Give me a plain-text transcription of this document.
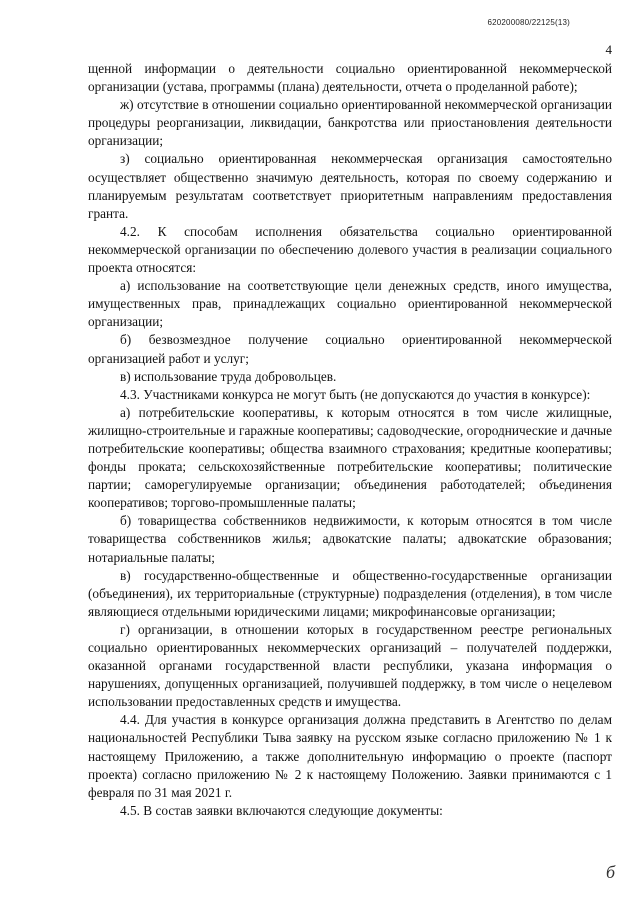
620200080/22125(13)
4

щенной информации о деятельности социально ориентированной некоммерческой организации (устава, программы (плана) деятельности, отчета о проделанной работе);

ж) отсутствие в отношении социально ориентированной некоммерческой организации процедуры реорганизации, ликвидации, банкротства или приостановления деятельности организации;

з) социально ориентированная некоммерческая организация самостоятельно осуществляет общественно значимую деятельность, которая по своему содержанию и планируемым результатам соответствует приоритетным направлениям предоставления гранта.

4.2. К способам исполнения обязательства социально ориентированной некоммерческой организации по обеспечению долевого участия в реализации социального проекта относятся:

а) использование на соответствующие цели денежных средств, иного имущества, имущественных прав, принадлежащих социально ориентированной некоммерческой организации;

б) безвозмездное получение социально ориентированной некоммерческой организацией работ и услуг;

в) использование труда добровольцев.

4.3. Участниками конкурса не могут быть (не допускаются до участия в конкурсе):

а) потребительские кооперативы, к которым относятся в том числе жилищные, жилищно-строительные и гаражные кооперативы; садоводческие, огороднические и дачные потребительские кооперативы; общества взаимного страхования; кредитные кооперативы; фонды проката; сельскохозяйственные потребительские кооперативы; политические партии; саморегулируемые организации; объединения работодателей; объединения кооперативов; торгово-промышленные палаты;

б) товарищества собственников недвижимости, к которым относятся в том числе товарищества собственников жилья; адвокатские палаты; адвокатские образования; нотариальные палаты;

в) государственно-общественные и общественно-государственные организации (объединения), их территориальные (структурные) подразделения (отделения), в том числе являющиеся отдельными юридическими лицами; микрофинансовые организации;

г) организации, в отношении которых в государственном реестре региональных социально ориентированных некоммерческих организаций – получателей поддержки, оказанной органами государственной власти республики, указана информация о нарушениях, допущенных организацией, получившей поддержку, в том числе о нецелевом использовании предоставленных средств и имущества.

4.4. Для участия в конкурсе организация должна представить в Агентство по делам национальностей Республики Тыва заявку на русском языке согласно приложению № 1 к настоящему Приложению, а также дополнительную информацию о проекте (паспорт проекта) согласно приложению № 2 к настоящему Положению. Заявки принимаются с 1 февраля по 31 мая 2021 г.

4.5. В состав заявки включаются следующие документы:

б
